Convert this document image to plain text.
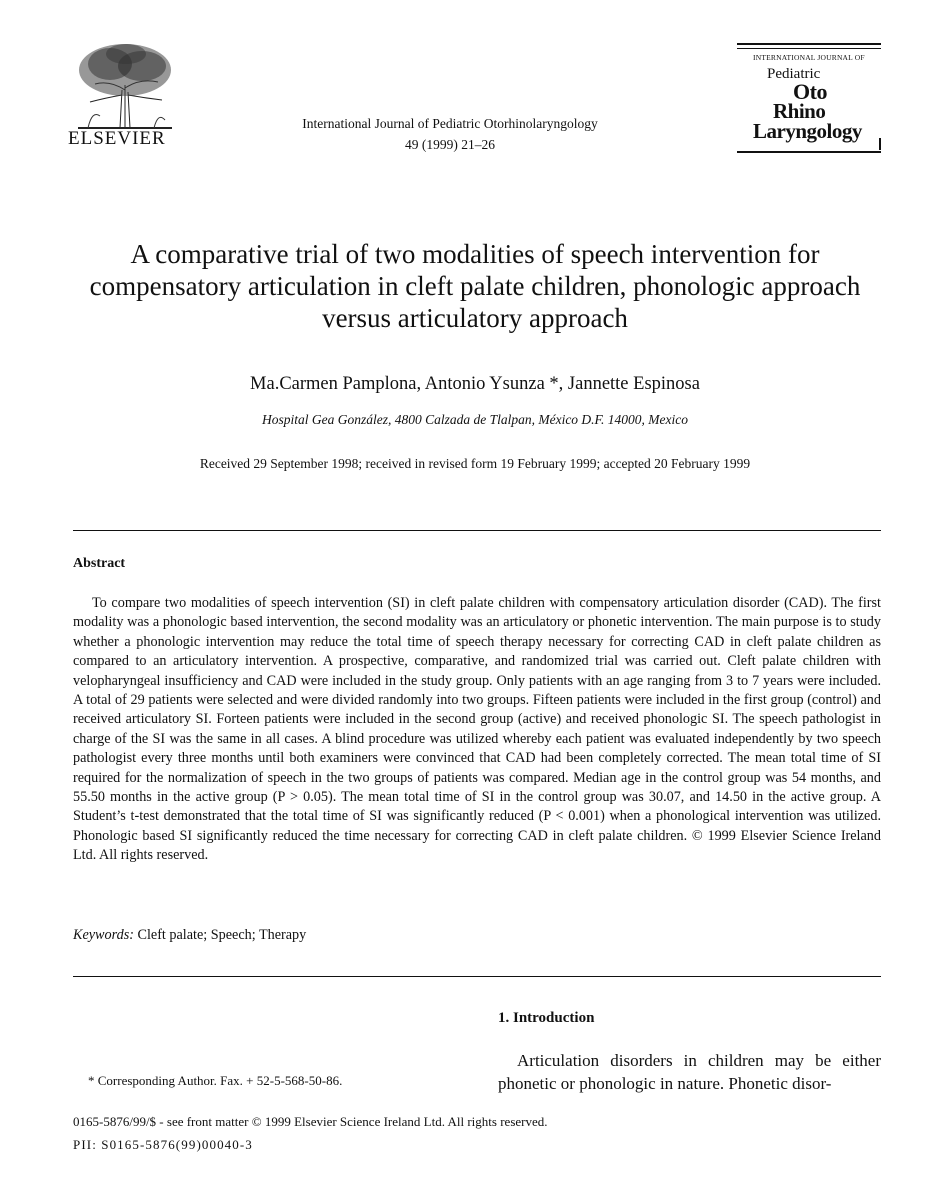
ELSEVIER
International Journal of Pediatric Otorhinolaryngology
49 (1999) 21–26
INTERNATIONAL JOURNAL OF
Pediatric
Oto
Rhino
Laryngology
A comparative trial of two modalities of speech intervention for compensatory articulation in cleft palate children, phonologic approach versus articulatory approach
Ma.Carmen Pamplona, Antonio Ysunza *, Jannette Espinosa
Hospital Gea González, 4800 Calzada de Tlalpan, México D.F. 14000, Mexico
Received 29 September 1998; received in revised form 19 February 1999; accepted 20 February 1999
Abstract
To compare two modalities of speech intervention (SI) in cleft palate children with compensatory articulation disorder (CAD). The first modality was a phonologic based intervention, the second modality was an articulatory or phonetic intervention. The main purpose is to study whether a phonologic intervention may reduce the total time of speech therapy necessary for correcting CAD in cleft palate children as compared to an articulatory intervention. A prospective, comparative, and randomized trial was carried out. Cleft palate children with velopharyngeal insufficiency and CAD were included in the study group. Only patients with an age ranging from 3 to 7 years were included. A total of 29 patients were selected and were divided randomly into two groups. Fifteen patients were included in the first group (control) and received articulatory SI. Forteen patients were included in the second group (active) and received phonologic SI. The speech pathologist in charge of the SI was the same in all cases. A blind procedure was utilized whereby each patient was evaluated independently by two speech pathologist every three months until both examiners were convinced that CAD had been completely corrected. The mean total time of SI required for the normalization of speech in the two groups of patients was compared. Median age in the control group was 54 months, and 55.50 months in the active group (P > 0.05). The mean total time of SI in the control group was 30.07, and 14.50 in the active group. A Student’s t-test demonstrated that the total time of SI was significantly reduced (P < 0.001) when a phonological intervention was utilized. Phonologic based SI significantly reduced the time necessary for correcting CAD in cleft palate children. © 1999 Elsevier Science Ireland Ltd. All rights reserved.
Keywords: Cleft palate; Speech; Therapy
1. Introduction
Articulation disorders in children may be either phonetic or phonologic in nature. Phonetic disor-
* Corresponding Author. Fax. + 52-5-568-50-86.
0165-5876/99/$ - see front matter © 1999 Elsevier Science Ireland Ltd. All rights reserved.
PII: S0165-5876(99)00040-3
